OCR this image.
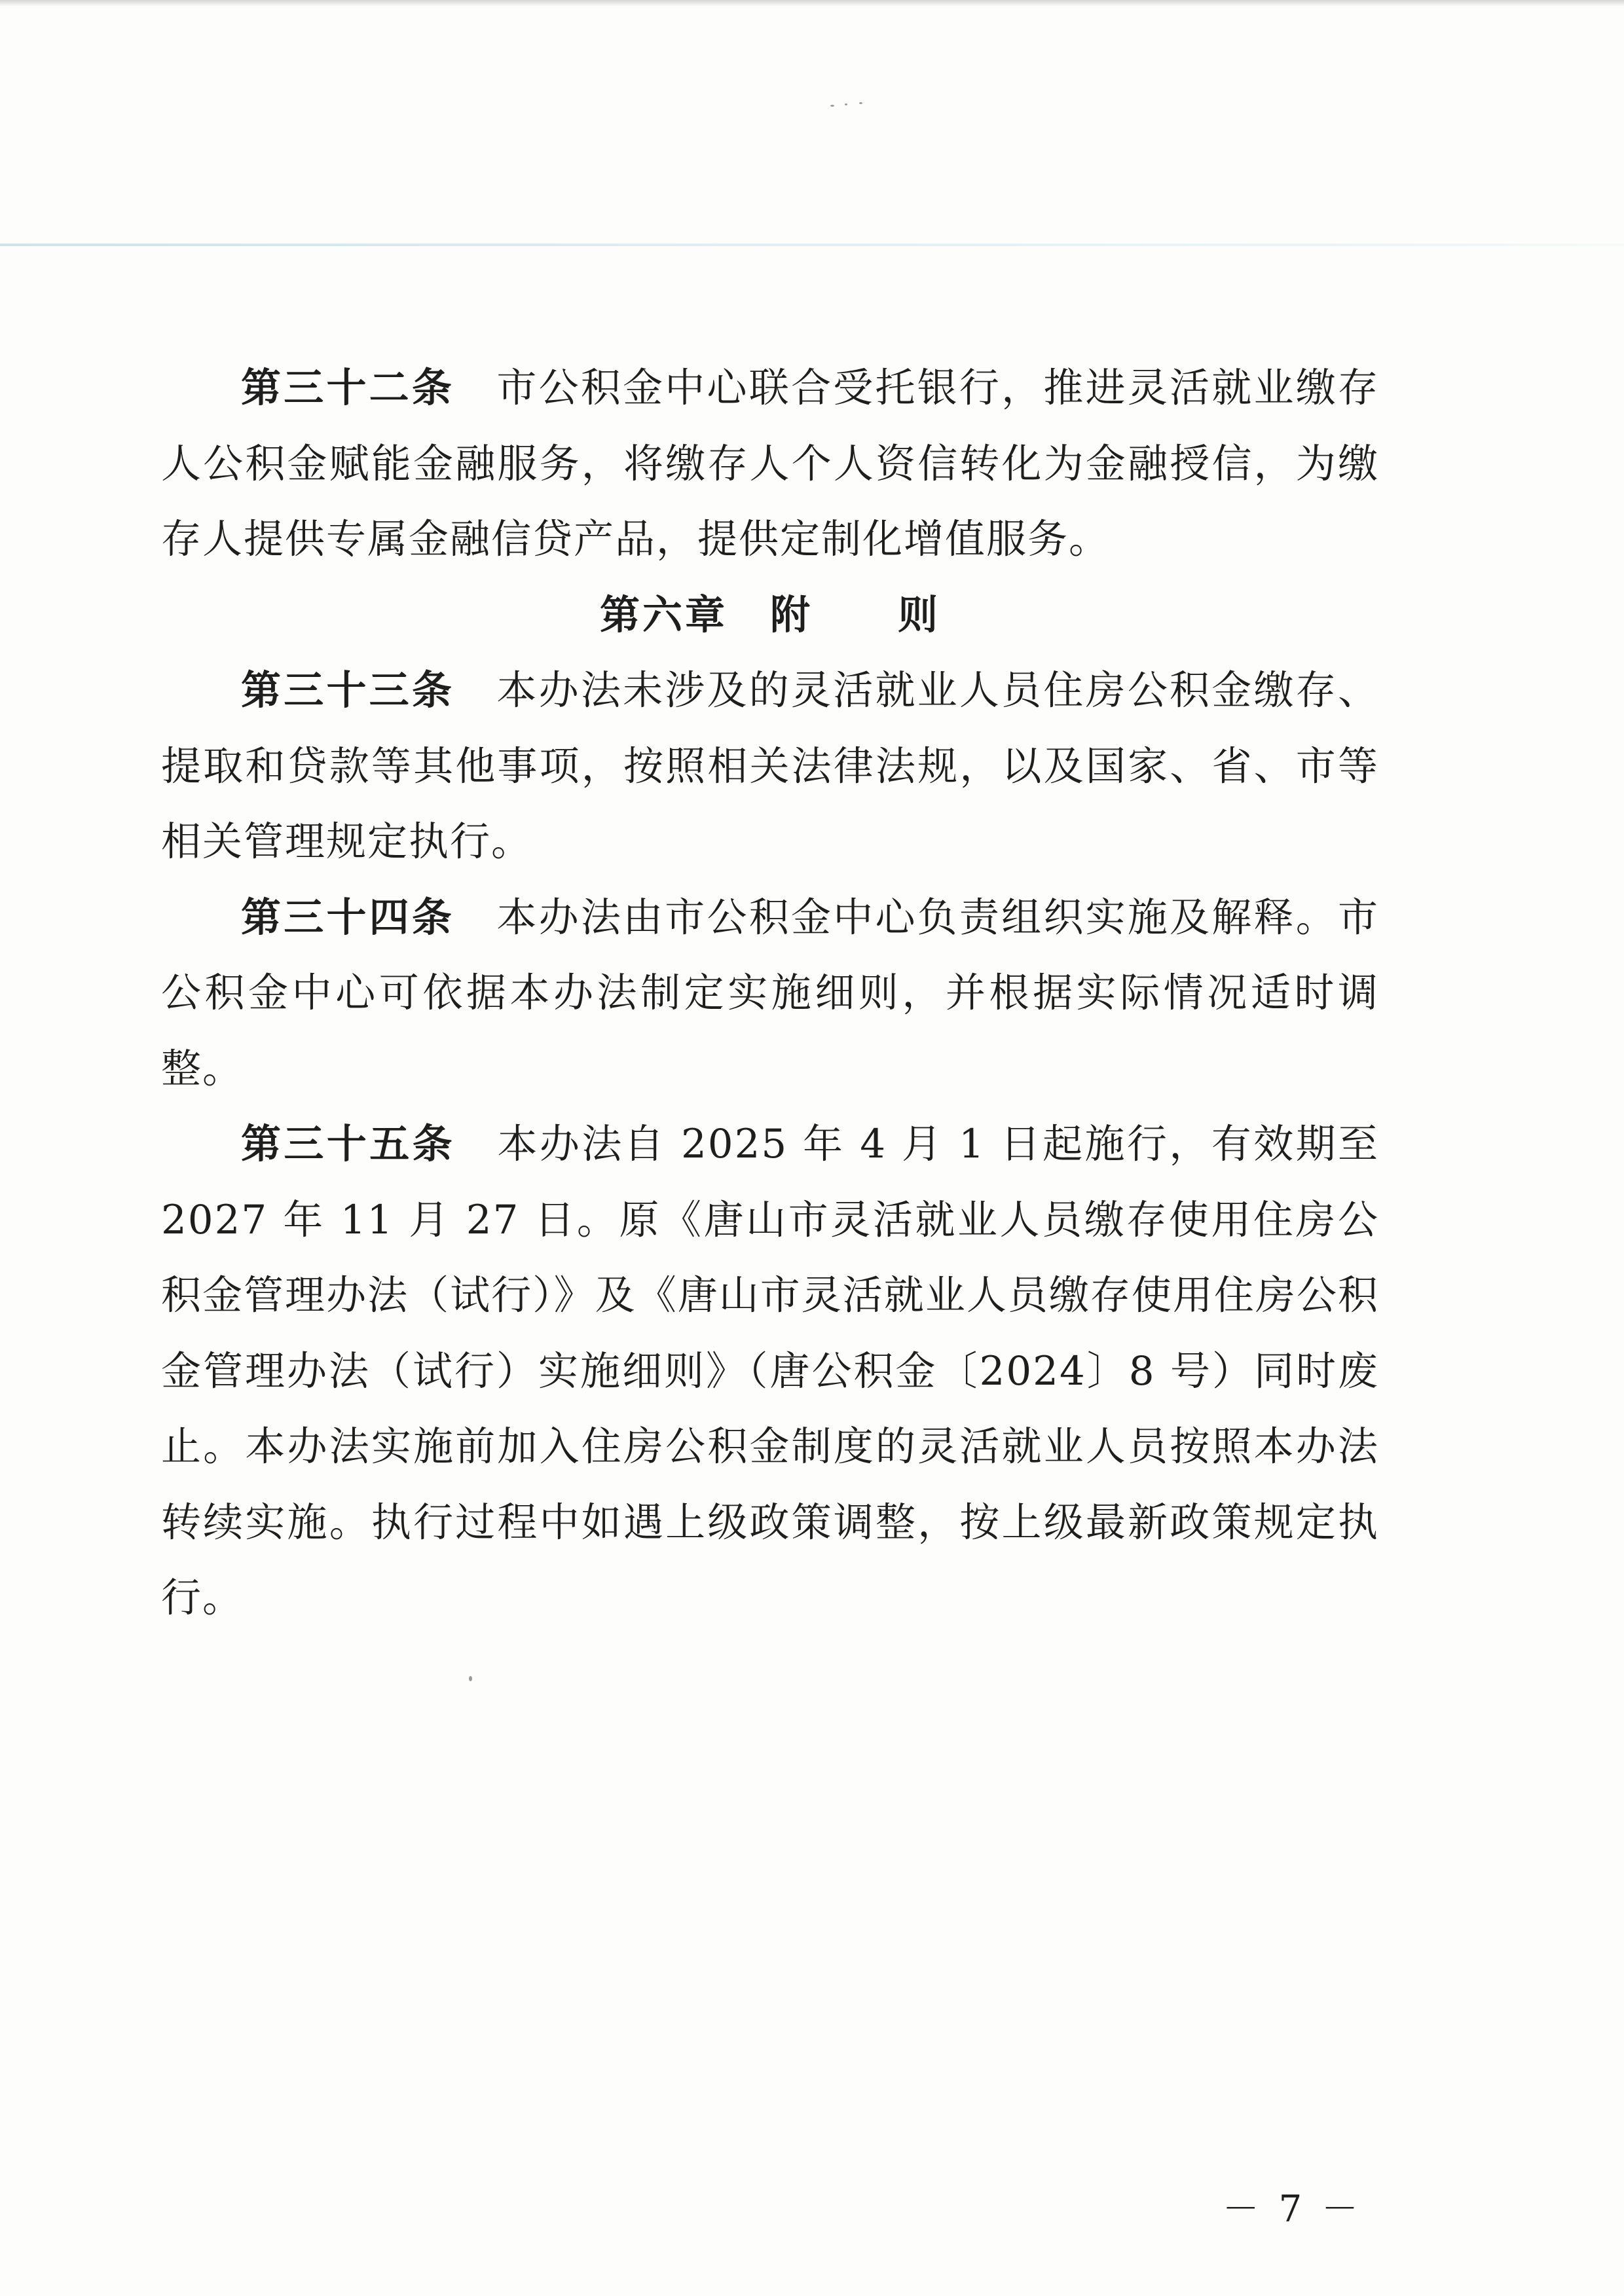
第三十二条　 市公积金中心联合受托银行，推进灵活就业缴存人公积金赋能金融服务，将缴存人个人资信转化为金融授信，为缴存人提供专属金融信贷产品，提供定制化增值服务。

第六章　附　　则

第三十三条　 本办法未涉及的灵活就业人员住房公积金缴存、提取和贷款等其他事项，按照相关法律法规，以及国家、省、市等相关管理规定执行。

第三十四条　 本办法由市公积金中心负责组织实施及解释。市公积金中心可依据本办法制定实施细则，并根据实际情况适时调整。

第三十五条　 本办法自 2025 年 4 月 1 日起施行，有效期至 2027 年 11 月 27 日。原《唐山市灵活就业人员缴存使用住房公积金管理办法（试行）》及《唐山市灵活就业人员缴存使用住房公积金管理办法（试行）实施细则》（唐公积金〔2024〕8 号）同时废止。本办法实施前加入住房公积金制度的灵活就业人员按照本办法转续实施。执行过程中如遇上级政策调整，按上级最新政策规定执行。

－ 7 －
